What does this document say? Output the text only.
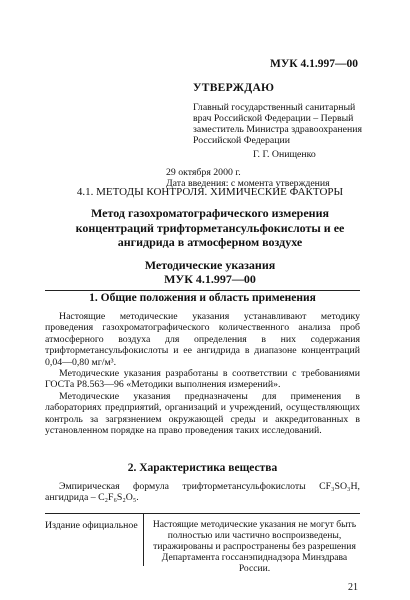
МУК 4.1.997—00
УТВЕРЖДАЮ
Главный государственный санитарный врач Российской Федерации – Первый заместитель Министра здравоохранения Российской Федерации
Г. Г. Онищенко
29 октября 2000 г.
Дата введения: с момента утверждения
4.1. МЕТОДЫ КОНТРОЛЯ. ХИМИЧЕСКИЕ ФАКТОРЫ
Метод газохроматографического измерения концентраций трифторметансульфокислоты и ее ангидрида в атмосферном воздухе
Методические указания
МУК 4.1.997—00
1. Общие положения и область применения

Настоящие методические указания устанавливают методику проведения газохроматографического количественного анализа проб атмосферного воздуха для определения в них содержания трифторметансульфокислоты и ее ангидрида в диапазоне концентраций 0,04—0,80 мг/м³.

Методические указания разработаны в соответствии с требованиями ГОСТа Р8.563—96 «Методики выполнения измерений».

Методические указания предназначены для применения в лабораториях предприятий, организаций и учреждений, осуществляющих контроль за загрязнением окружающей среды и аккредитованных в установленном порядке на право проведения таких исследований.

2. Характеристика вещества

Эмпирическая формула трифторметансульфокислоты CF₃SO₃H, ангидрида – C₂F₆S₂O₅.

Издание официальное	Настоящие методические указания не могут быть полностью или частично воспроизведены, тиражированы и распространены без разрешения Департамента госсанэпиднадзора Минздрава России.
21
